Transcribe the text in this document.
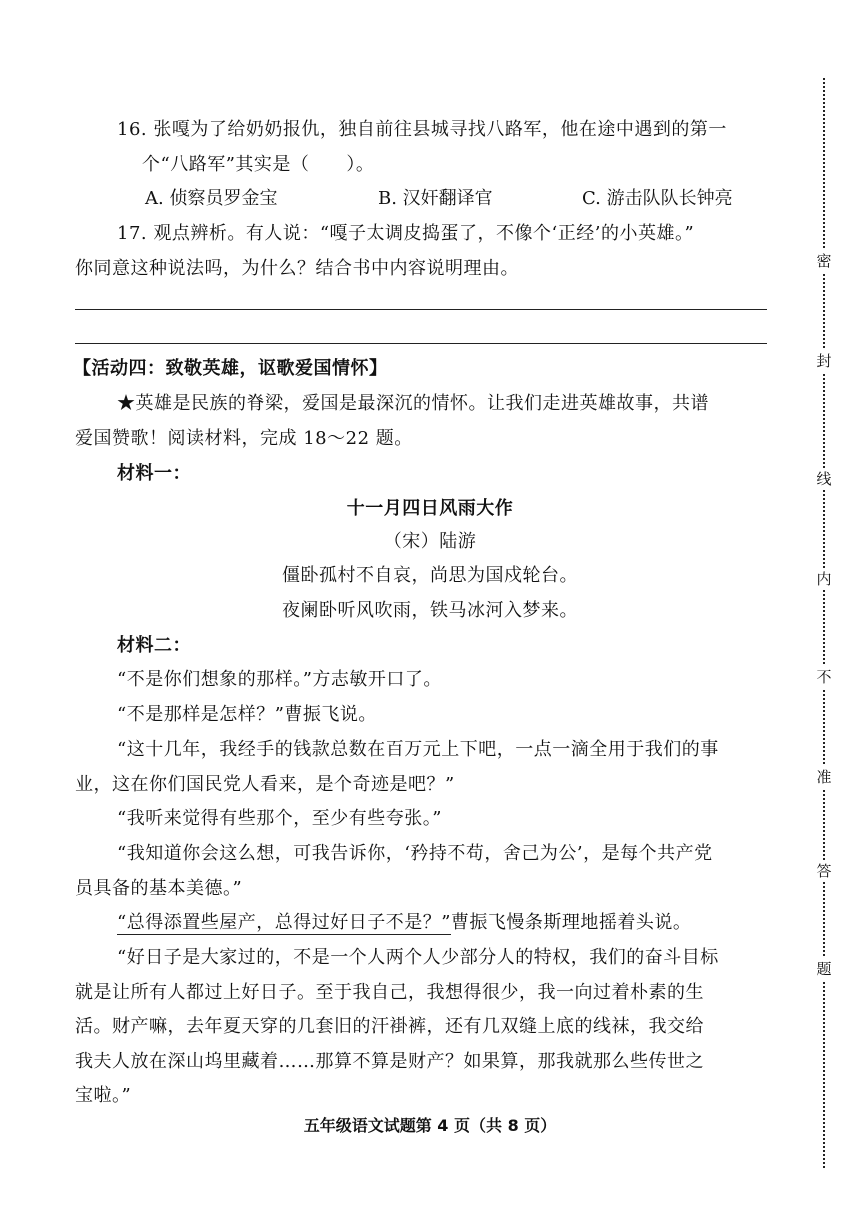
16. 张嘎为了给奶奶报仇，独自前往县城寻找八路军，他在途中遇到的第一
个“八路军”其实是（　　）。
A. 侦察员罗金宝	B. 汉奸翻译官	C. 游击队队长钟亮
17. 观点辨析。有人说：“嘎子太调皮捣蛋了，不像个‘正经’的小英雄。”
你同意这种说法吗，为什么？结合书中内容说明理由。
【活动四：致敬英雄，讴歌爱国情怀】
★英雄是民族的脊梁，爱国是最深沉的情怀。让我们走进英雄故事，共谱
爱国赞歌！阅读材料，完成 18～22 题。
材料一：
十一月四日风雨大作
（宋）陆游
僵卧孤村不自哀，尚思为国戍轮台。
夜阑卧听风吹雨，铁马冰河入梦来。
材料二：
“不是你们想象的那样。”方志敏开口了。
“不是那样是怎样？”曹振飞说。
“这十几年，我经手的钱款总数在百万元上下吧，一点一滴全用于我们的事
业，这在你们国民党人看来，是个奇迹是吧？”
“我听来觉得有些那个，至少有些夸张。”
“我知道你会这么想，可我告诉你，‘矜持不苟，舍己为公’，是每个共产党
员具备的基本美德。”
“总得添置些屋产，总得过好日子不是？”曹振飞慢条斯理地摇着头说。
“好日子是大家过的，不是一个人两个人少部分人的特权，我们的奋斗目标
就是让所有人都过上好日子。至于我自己，我想得很少，我一向过着朴素的生
活。财产嘛，去年夏天穿的几套旧的汗褂裤，还有几双缝上底的线袜，我交给
我夫人放在深山坞里藏着……那算不算是财产？如果算，那我就那么些传世之
宝啦。”
五年级语文试题第 4 页（共 8 页）
密
封
线
内
不
准
答
题
